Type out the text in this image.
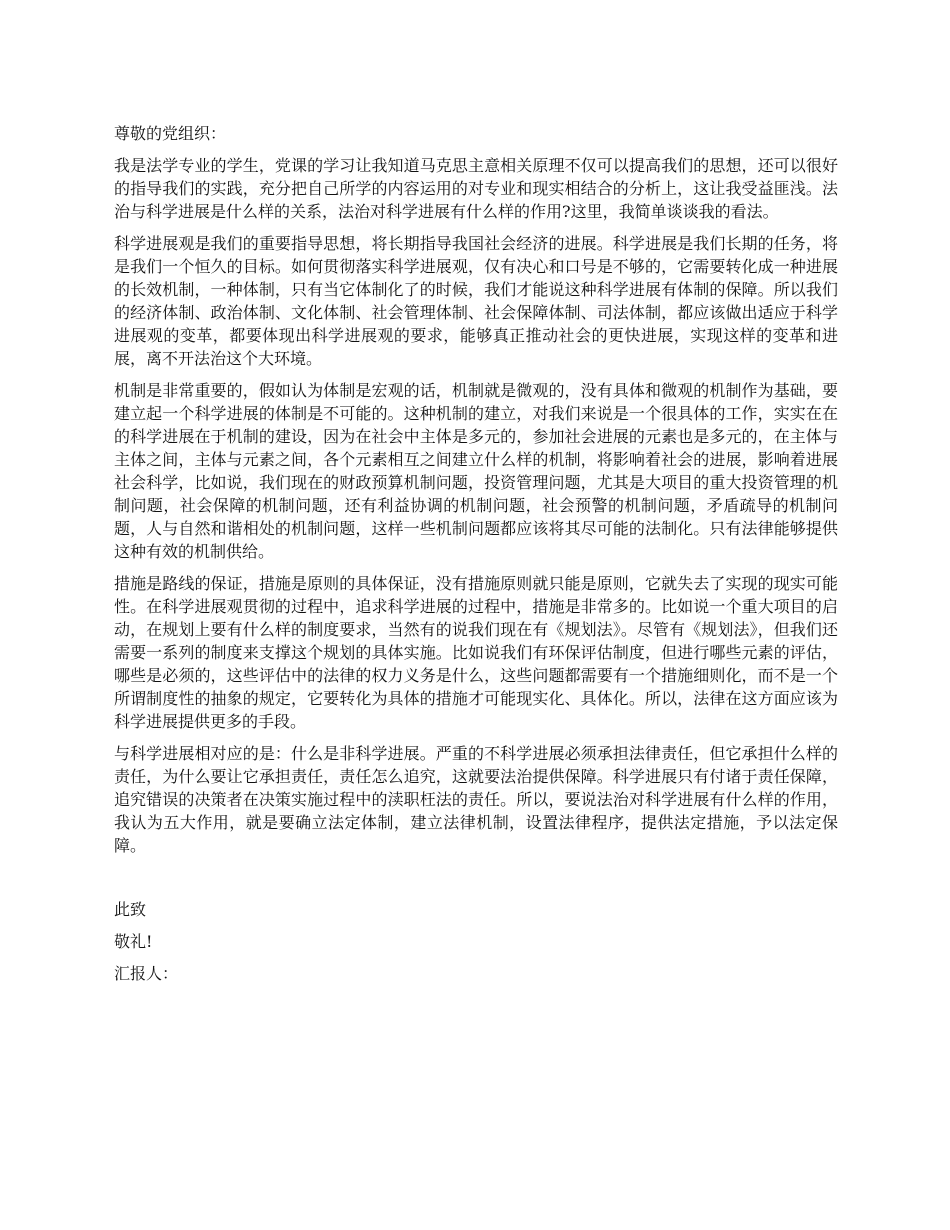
尊敬的党组织：

我是法学专业的学生，党课的学习让我知道马克思主意相关原理不仅可以提高我们的思想，还可以很好的指导我们的实践，充分把自己所学的内容运用的对专业和现实相结合的分析上，这让我受益匪浅。法治与科学进展是什么样的关系，法治对科学进展有什么样的作用?这里，我简单谈谈我的看法。

科学进展观是我们的重要指导思想，将长期指导我国社会经济的进展。科学进展是我们长期的任务，将是我们一个恒久的目标。如何贯彻落实科学进展观，仅有决心和口号是不够的，它需要转化成一种进展的长效机制，一种体制，只有当它体制化了的时候，我们才能说这种科学进展有体制的保障。所以我们的经济体制、政治体制、文化体制、社会管理体制、社会保障体制、司法体制，都应该做出适应于科学进展观的变革，都要体现出科学进展观的要求，能够真正推动社会的更快进展，实现这样的变革和进展，离不开法治这个大环境。

机制是非常重要的，假如认为体制是宏观的话，机制就是微观的，没有具体和微观的机制作为基础，要建立起一个科学进展的体制是不可能的。这种机制的建立，对我们来说是一个很具体的工作，实实在在的科学进展在于机制的建设，因为在社会中主体是多元的，参加社会进展的元素也是多元的，在主体与主体之间，主体与元素之间，各个元素相互之间建立什么样的机制，将影响着社会的进展，影响着进展社会科学，比如说，我们现在的财政预算机制问题，投资管理问题，尤其是大项目的重大投资管理的机制问题，社会保障的机制问题，还有利益协调的机制问题，社会预警的机制问题，矛盾疏导的机制问题，人与自然和谐相处的机制问题，这样一些机制问题都应该将其尽可能的法制化。只有法律能够提供这种有效的机制供给。

措施是路线的保证，措施是原则的具体保证，没有措施原则就只能是原则，它就失去了实现的现实可能性。在科学进展观贯彻的过程中，追求科学进展的过程中，措施是非常多的。比如说一个重大项目的启动，在规划上要有什么样的制度要求，当然有的说我们现在有《规划法》。尽管有《规划法》，但我们还需要一系列的制度来支撑这个规划的具体实施。比如说我们有环保评估制度，但进行哪些元素的评估，哪些是必须的，这些评估中的法律的权力义务是什么，这些问题都需要有一个措施细则化，而不是一个所谓制度性的抽象的规定，它要转化为具体的措施才可能现实化、具体化。所以，法律在这方面应该为科学进展提供更多的手段。

与科学进展相对应的是：什么是非科学进展。严重的不科学进展必须承担法律责任，但它承担什么样的责任，为什么要让它承担责任，责任怎么追究，这就要法治提供保障。科学进展只有付诸于责任保障，追究错误的决策者在决策实施过程中的渎职枉法的责任。所以，要说法治对科学进展有什么样的作用，我认为五大作用，就是要确立法定体制，建立法律机制，设置法律程序，提供法定措施，予以法定保障。

此致

敬礼!

汇报人：
